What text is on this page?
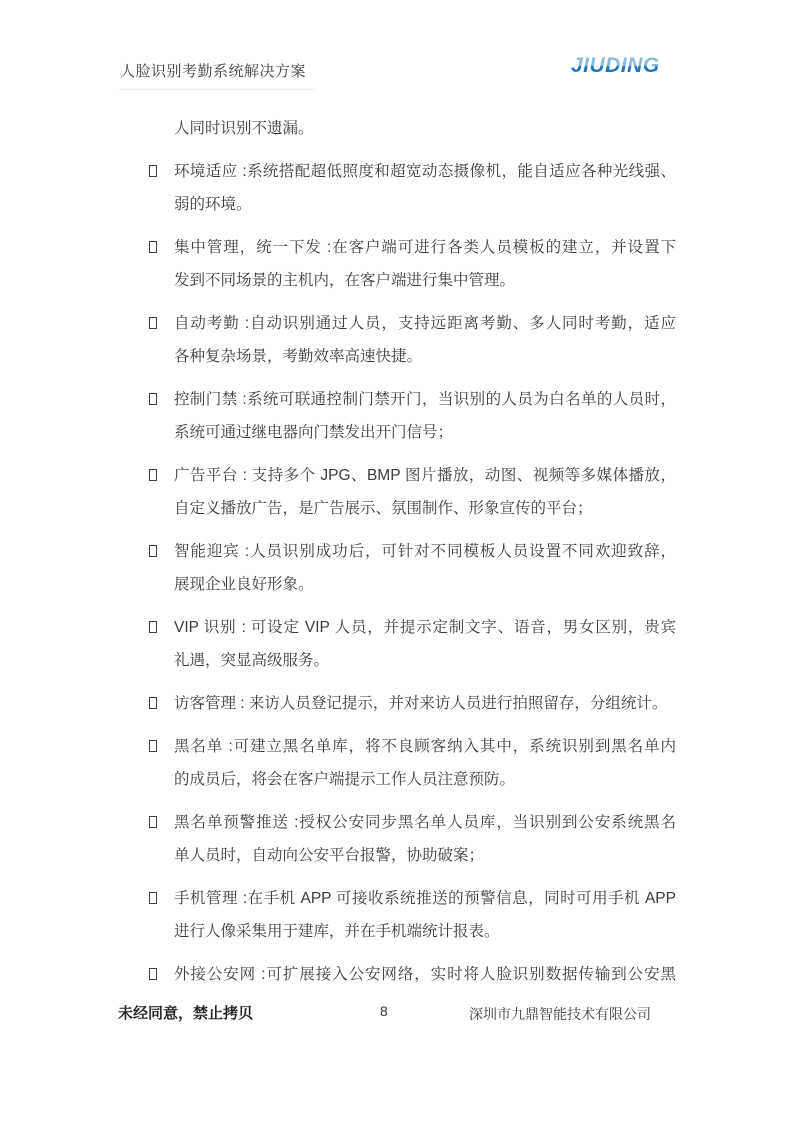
人脸识别考勤系统解决方案	JIUDING
人同时识别不遗漏。
环境适应 :系统搭配超低照度和超宽动态摄像机，能自适应各种光线强、
弱的环境。
集中管理，统一下发 :在客户端可进行各类人员模板的建立，并设置下
发到不同场景的主机内，在客户端进行集中管理。
自动考勤 :自动识别通过人员，支持远距离考勤、多人同时考勤，适应
各种复杂场景，考勤效率高速快捷。
控制门禁 :系统可联通控制门禁开门，当识别的人员为白名单的人员时，
系统可通过继电器向门禁发出开门信号；
广告平台 : 支持多个 JPG、BMP 图片播放，动图、视频等多媒体播放，
自定义播放广告，是广告展示、氛围制作、形象宣传的平台；
智能迎宾 :人员识别成功后，可针对不同模板人员设置不同欢迎致辞，
展现企业良好形象。
VIP 识别 : 可设定 VIP 人员，并提示定制文字、语音，男女区别，贵宾
礼遇，突显高级服务。
访客管理 : 来访人员登记提示，并对来访人员进行拍照留存，分组统计。
黑名单 :可建立黑名单库，将不良顾客纳入其中，系统识别到黑名单内
的成员后，将会在客户端提示工作人员注意预防。
黑名单预警推送 :授权公安同步黑名单人员库，当识别到公安系统黑名
单人员时，自动向公安平台报警，协助破案；
手机管理 :在手机 APP 可接收系统推送的预警信息，同时可用手机 APP
进行人像采集用于建库，并在手机端统计报表。
外接公安网 :可扩展接入公安网络，实时将人脸识别数据传输到公安黑
未经同意，禁止拷贝	8	深圳市九鼎智能技术有限公司
